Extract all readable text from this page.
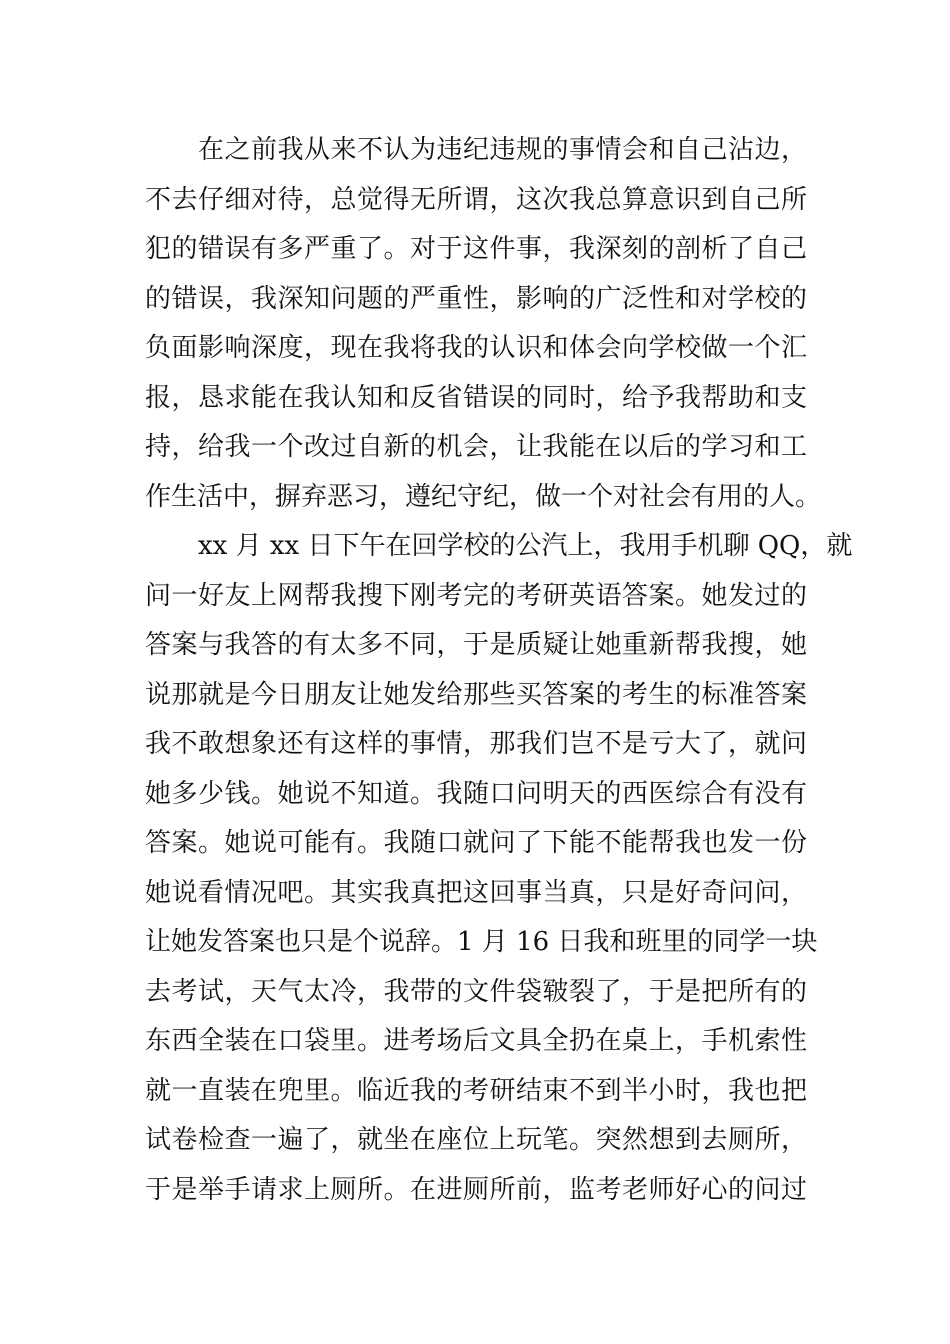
在之前我从来不认为违纪违规的事情会和自己沾边，

不去仔细对待，总觉得无所谓，这次我总算意识到自己所

犯的错误有多严重了。对于这件事，我深刻的剖析了自己

的错误，我深知问题的严重性，影响的广泛性和对学校的

负面影响深度，现在我将我的认识和体会向学校做一个汇

报，恳求能在我认知和反省错误的同时，给予我帮助和支

持，给我一个改过自新的机会，让我能在以后的学习和工

作生活中，摒弃恶习，遵纪守纪，做一个对社会有用的人。

xx 月 xx 日下午在回学校的公汽上，我用手机聊 QQ，就

问一好友上网帮我搜下刚考完的考研英语答案。她发过的

答案与我答的有太多不同，于是质疑让她重新帮我搜，她

说那就是今日朋友让她发给那些买答案的考生的标准答案

我不敢想象还有这样的事情，那我们岂不是亏大了，就问

她多少钱。她说不知道。我随口问明天的西医综合有没有

答案。她说可能有。我随口就问了下能不能帮我也发一份

她说看情况吧。其实我真把这回事当真，只是好奇问问，

让她发答案也只是个说辞。1 月 16 日我和班里的同学一块

去考试，天气太冷，我带的文件袋皲裂了，于是把所有的

东西全装在口袋里。进考场后文具全扔在桌上，手机索性

就一直装在兜里。临近我的考研结束不到半小时，我也把

试卷检查一遍了，就坐在座位上玩笔。突然想到去厕所，

于是举手请求上厕所。在进厕所前，监考老师好心的问过
